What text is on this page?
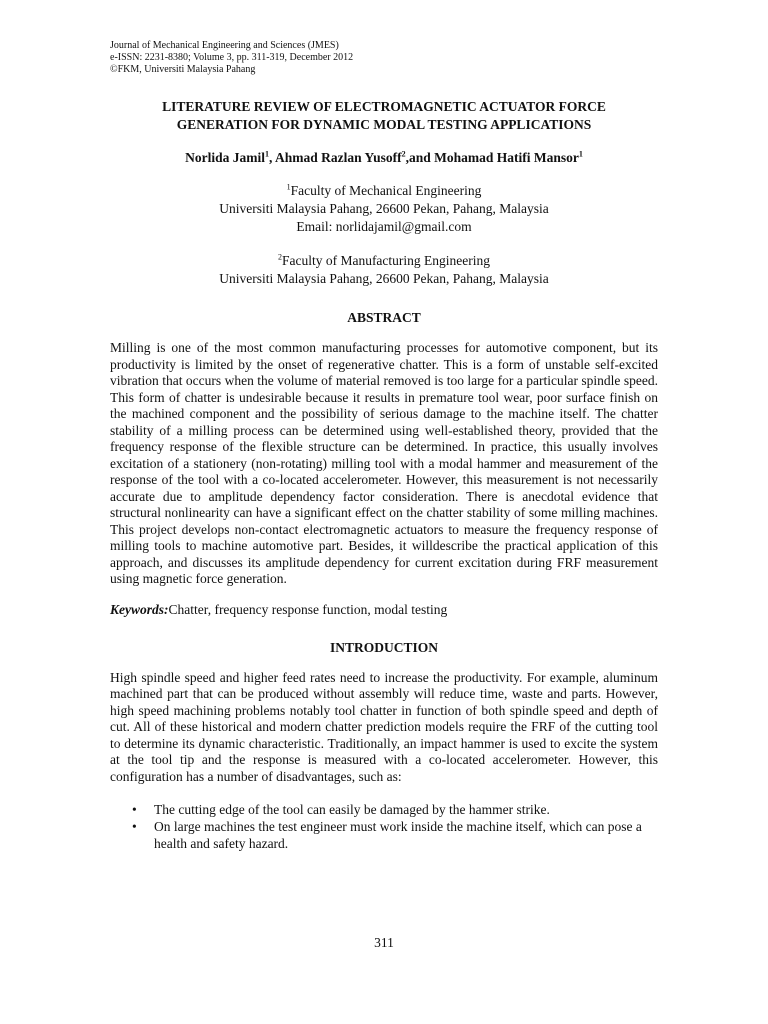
Journal of Mechanical Engineering and Sciences (JMES)
e-ISSN: 2231-8380; Volume 3, pp. 311-319, December 2012
©FKM, Universiti Malaysia Pahang
LITERATURE REVIEW OF ELECTROMAGNETIC ACTUATOR FORCE
GENERATION FOR DYNAMIC MODAL TESTING APPLICATIONS
Norlida Jamil$^1$, Ahmad Razlan Yusoff$^2$,and Mohamad Hatifi Mansor$^1$
$^1$Faculty of Mechanical Engineering
Universiti Malaysia Pahang, 26600 Pekan, Pahang, Malaysia
Email: norlidajamil@gmail.com
$^2$Faculty of Manufacturing Engineering
Universiti Malaysia Pahang, 26600 Pekan, Pahang, Malaysia
ABSTRACT
Milling is one of the most common manufacturing processes for automotive component, but its productivity is limited by the onset of regenerative chatter. This is a form of unstable self-excited vibration that occurs when the volume of material removed is too large for a particular spindle speed. This form of chatter is undesirable because it results in premature tool wear, poor surface finish on the machined component and the possibility of serious damage to the machine itself. The chatter stability of a milling process can be determined using well-established theory, provided that the frequency response of the flexible structure can be determined. In practice, this usually involves excitation of a stationery (non-rotating) milling tool with a modal hammer and measurement of the response of the tool with a co-located accelerometer. However, this measurement is not necessarily accurate due to amplitude dependency factor consideration. There is anecdotal evidence that structural nonlinearity can have a significant effect on the chatter stability of some milling machines. This project develops non-contact electromagnetic actuators to measure the frequency response of milling tools to machine automotive part. Besides, it willdescribe the practical application of this approach, and discusses its amplitude dependency for current excitation during FRF measurement using magnetic force generation.
Keywords:Chatter, frequency response function, modal testing
INTRODUCTION
High spindle speed and higher feed rates need to increase the productivity. For example, aluminum machined part that can be produced without assembly will reduce time, waste and parts. However, high speed machining problems notably tool chatter in function of both spindle speed and depth of cut. All of these historical and modern chatter prediction models require the FRF of the cutting tool to determine its dynamic characteristic. Traditionally, an impact hammer is used to excite the system at the tool tip and the response is measured with a co-located accelerometer. However, this configuration has a number of disadvantages, such as:
• The cutting edge of the tool can easily be damaged by the hammer strike.
• On large machines the test engineer must work inside the machine itself, which can pose a health and safety hazard.
311
